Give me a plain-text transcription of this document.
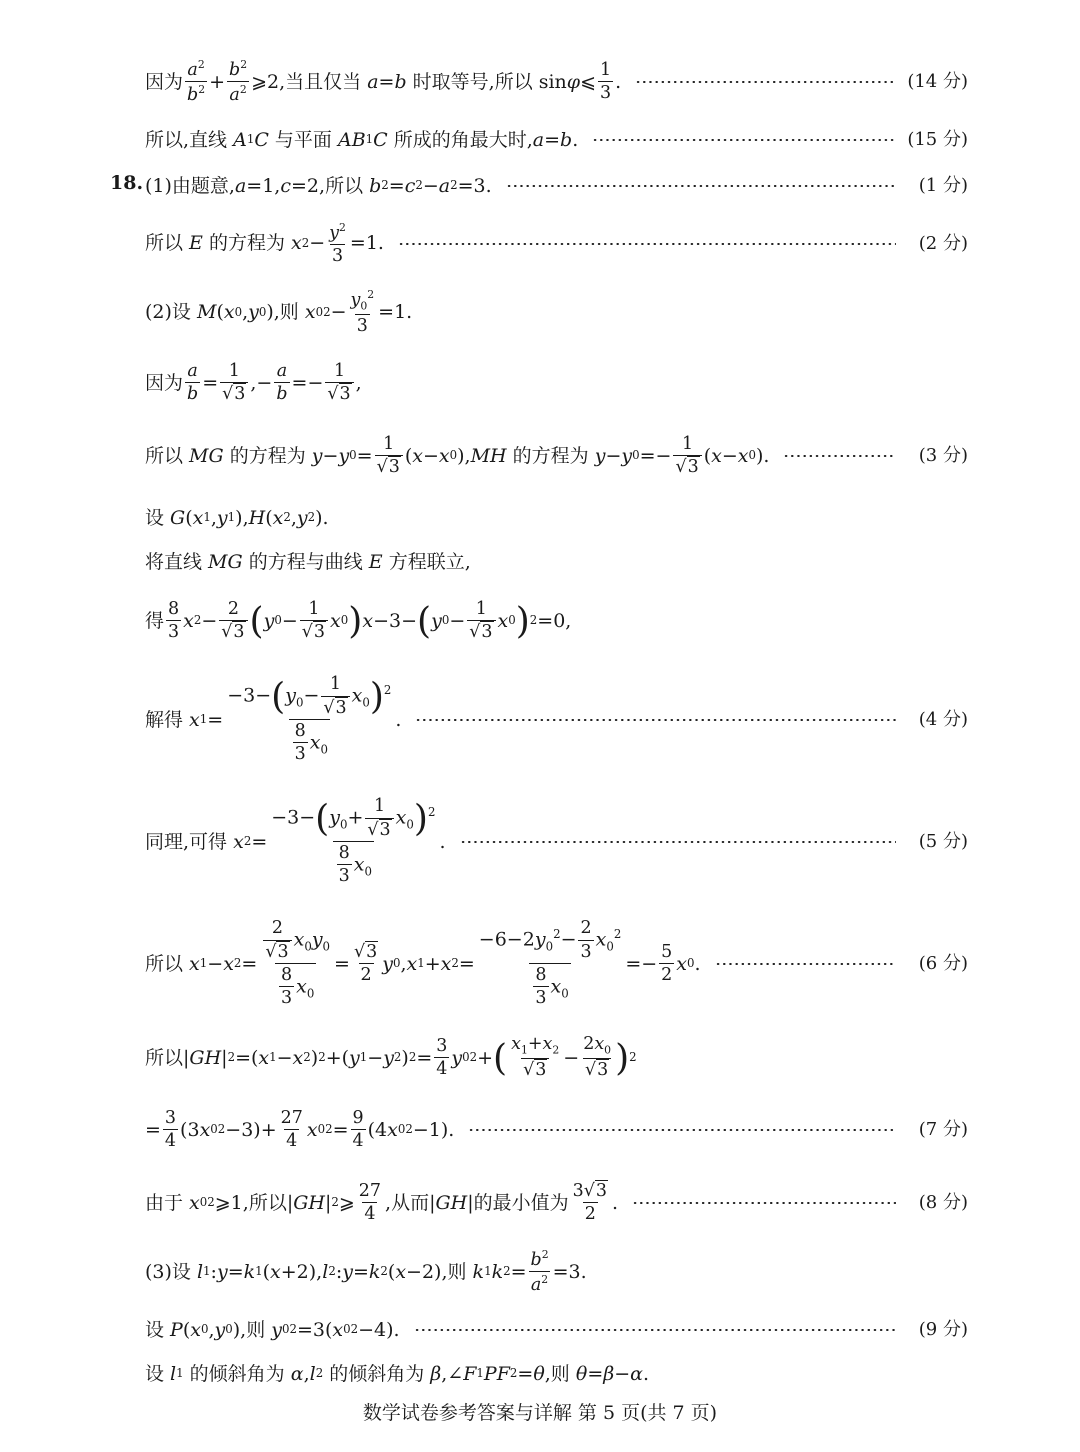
因为 $\frac{a^2}{b^2} + \frac{b^2}{a^2}$ ⩾2,当且仅当 a = b 时取等号,所以 sin φ ⩽ $\frac{1}{3}$ .	(14 分)
所以,直线 A 1 C 与平面 AB 1 C 所成的角最大时, a = b .	(15 分)
18. (1)由题意, a =1, c =2,所以 b 2 = c 2 − a 2 =3.	(1 分)
所以 E 的方程为 x $2 - \frac{y^2}{3} =1$.	(2 分)
(2)设 M ( x 0 , y 0 ),则 x 0 $2 - \frac{y_0^2}{3} =1$.
因为 $\frac{a}{b} = \frac{1}{√3}$ ,− $\frac{a}{b} =- \frac{1}{√3}$ ,
所以 MG 的方程为 y − y $0 = \frac{1}{√3}$ ( x − x 0 ), MH 的方程为 y − y $0 =- \frac{1}{√3}$ ( x − x 0 ).	(3 分)
设 G ( x 1 , y 1 ), H ( x 2 , y 2 ).
将直线 MG 的方程与曲线 E 方程联立,
得 $\frac{8}{3}$ x $2 - \frac{2}{√3}$ ( y $0 - \frac{1}{√3}$ x 0 ) x −3− ( y $0 - \frac{1}{√3}$ x 0 ) 2 =0,
解得 x $1 = \frac{-3-(y_0- \frac{1}{√3} x_0)^2}{\frac{8}{3} x_0}$ .	(4 分)
同理,可得 x $2 = \frac{-3-(y_0+ \frac{1}{√3} x_0)^2}{\frac{8}{3} x_0}$ .	(5 分)
所以 x 1 − x $2 = \frac{\frac{2}{√3} x_0y_0}{\frac{8}{3} x_0} = \frac{√3}{2}$ y 0 , x 1 + x $2 = \frac{-6-2y_0^2- \frac{2}{3} x_0^2}{\frac{8}{3} x_0} =- \frac{5}{2}$ x 0 .	(6 分)
所以| GH | 2 =( x 1 − x 2 ) 2 +( y 1 − y 2 ) $2 = \frac{3}{4}$ y 0 2 + ( $\frac{x_1+x_2}{√3} - \frac{2x_0}{√3}$ ) 2
= $\frac{3}{4} (3$ x 0 $2 -3)+ \frac{27}{4}$ x 0 $2 = \frac{9}{4} (4$ x 0 2 −1).	(7 分)
由于 x 0 2 ⩾1,所以| GH | 2 ⩾ $\frac{27}{4}$ ,从而| GH |的最小值为 $\frac{3√3}{2}$ .	(8 分)
(3)设 l 1 : y = k 1 ( x +2), l 2 : y = k 2 ( x −2),则 k 1 k $2 = \frac{b^2}{a^2} =3$.
设 P ( x 0 , y 0 ),则 y 0 2 =3( x 0 2 −4).	(9 分)
设 l 1 的倾斜角为 α , l 2 的倾斜角为 β ,∠ F 1 PF 2 = θ ,则 θ = β − α .
数学试卷参考答案与详解 第 5 页(共 7 页)
